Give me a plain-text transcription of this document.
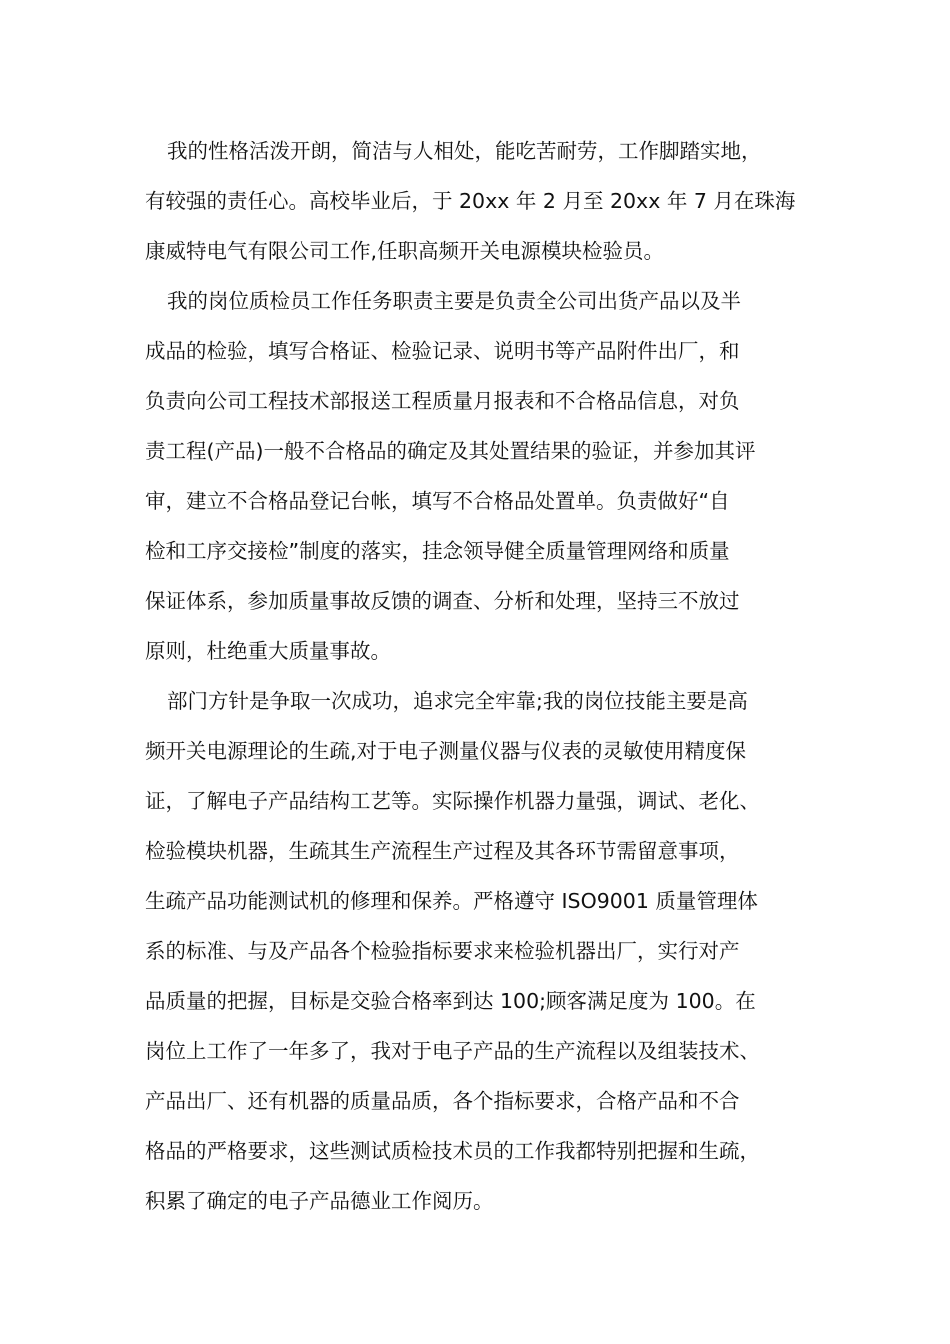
我的性格活泼开朗，简洁与人相处，能吃苦耐劳，工作脚踏实地，
有较强的责任心。高校毕业后，于 20xx 年 2 月至 20xx 年 7 月在珠海
康威特电气有限公司工作,任职高频开关电源模块检验员。
我的岗位质检员工作任务职责主要是负责全公司出货产品以及半
成品的检验，填写合格证、检验记录、说明书等产品附件出厂，和
负责向公司工程技术部报送工程质量月报表和不合格品信息，对负
责工程(产品)一般不合格品的确定及其处置结果的验证，并参加其评
审，建立不合格品登记台帐，填写不合格品处置单。负责做好“自
检和工序交接检”制度的落实，挂念领导健全质量管理网络和质量
保证体系，参加质量事故反馈的调查、分析和处理，坚持三不放过
原则，杜绝重大质量事故。
部门方针是争取一次成功，追求完全牢靠;我的岗位技能主要是高
频开关电源理论的生疏,对于电子测量仪器与仪表的灵敏使用精度保
证，了解电子产品结构工艺等。实际操作机器力量强，调试、老化、
检验模块机器，生疏其生产流程生产过程及其各环节需留意事项，
生疏产品功能测试机的修理和保养。严格遵守 ISO9001 质量管理体
系的标准、与及产品各个检验指标要求来检验机器出厂，实行对产
品质量的把握，目标是交验合格率到达 100;顾客满足度为 100。在
岗位上工作了一年多了，我对于电子产品的生产流程以及组装技术、
产品出厂、还有机器的质量品质，各个指标要求，合格产品和不合
格品的严格要求，这些测试质检技术员的工作我都特别把握和生疏，
积累了确定的电子产品德业工作阅历。
